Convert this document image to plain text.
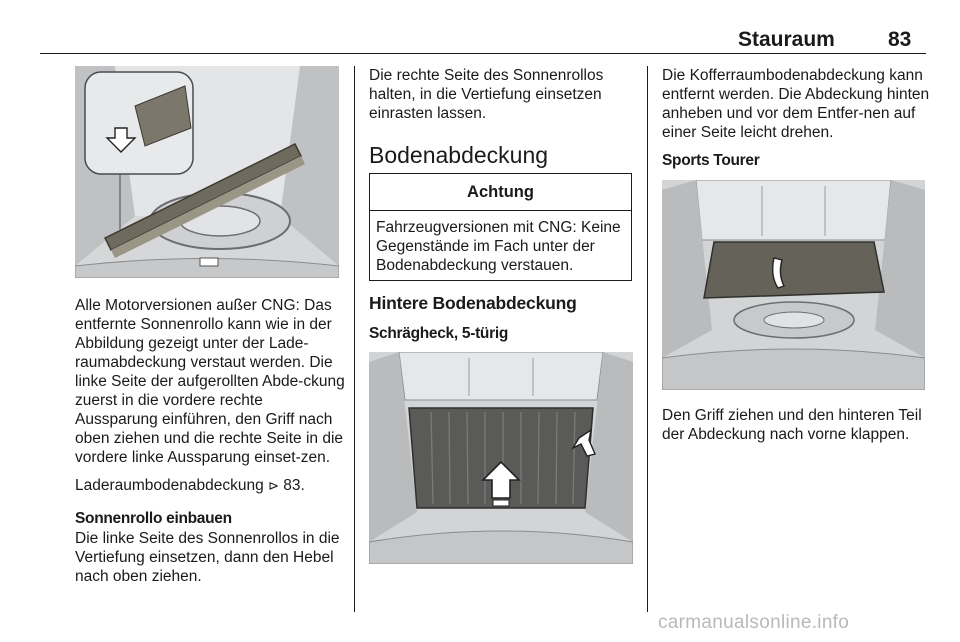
Stauraum	83

Alle Motorversionen außer CNG: Das entfernte Sonnenrollo kann wie in der Abbildung gezeigt unter der Lade-raumabdeckung verstaut werden. Die linke Seite der aufgerollten Abde-ckung zuerst in die vordere rechte Aussparung einführen, den Griff nach oben ziehen und die rechte Seite in die vordere linke Aussparung einset-zen.

Laderaumbodenabdeckung ⊳ 83.

Sonnenrollo einbauen

Die linke Seite des Sonnenrollos in die Vertiefung einsetzen, dann den Hebel nach oben ziehen.

Die rechte Seite des Sonnenrollos halten, in die Vertiefung einsetzen einrasten lassen.

Bodenabdeckung
Achtung
Fahrzeugversionen mit CNG: Keine Gegenstände im Fach unter der Bodenabdeckung verstauen.
Hintere Bodenabdeckung
Schrägheck, 5-türig

Die Kofferraumbodenabdeckung kann entfernt werden. Die Abdeckung hinten anheben und vor dem Entfer-nen auf einer Seite leicht drehen.

Sports Tourer

Den Griff ziehen und den hinteren Teil der Abdeckung nach vorne klappen.

carmanualsonline.info
